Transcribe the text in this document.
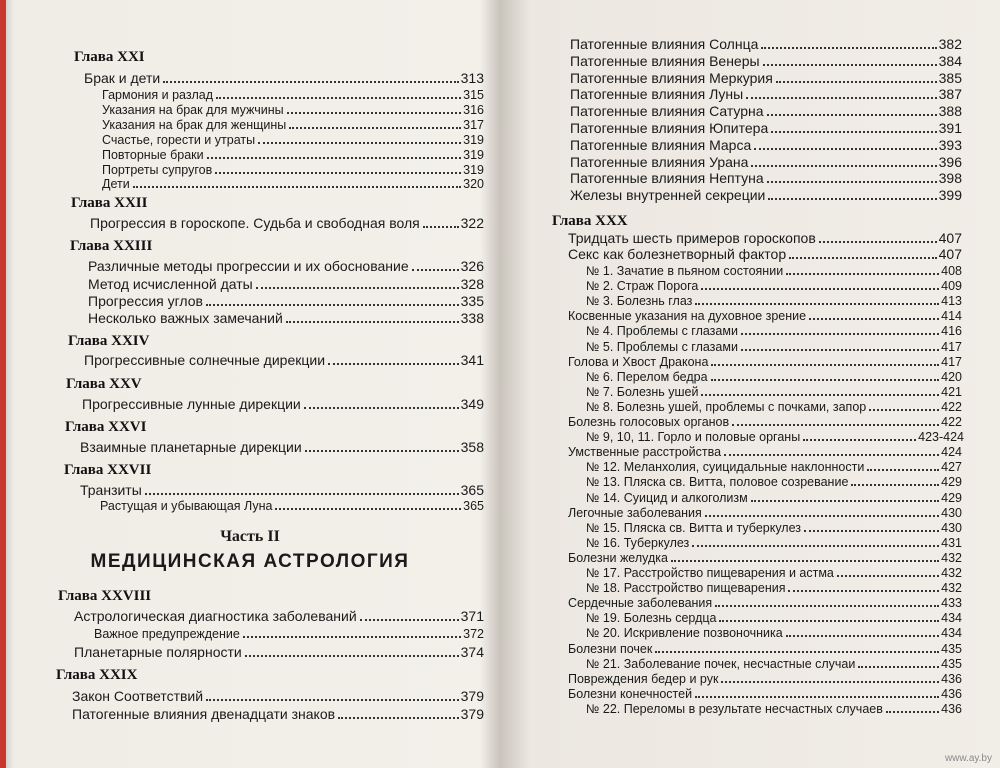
Глава XXI
Брак и дети	313
Гармония и разлад	315
Указания на брак для мужчины	316
Указания на брак для женщины	317
Счастье, горести и утраты	319
Повторные браки	319
Портреты супругов	319
Дети	320
Глава XXII
Прогрессия в гороскопе. Судьба и свободная воля	322
Глава XXIII
Различные методы прогрессии и их обоснование	326
Метод исчисленной даты	328
Прогрессия углов	335
Несколько важных замечаний	338
Глава XXIV
Прогрессивные солнечные дирекции	341
Глава XXV
Прогрессивные лунные дирекции	349
Глава XXVI
Взаимные планетарные дирекции	358
Глава XXVII
Транзиты	365
Растущая и убывающая Луна	365
Часть II
МЕДИЦИНСКАЯ АСТРОЛОГИЯ
Глава XXVIII
Астрологическая диагностика заболеваний	371
Важное предупреждение	372
Планетарные полярности	374
Глава XXIX
Закон Соответствий	379
Патогенные влияния двенадцати знаков	379
Патогенные влияния Солнца	382
Патогенные влияния Венеры	384
Патогенные влияния Меркурия	385
Патогенные влияния Луны	387
Патогенные влияния Сатурна	388
Патогенные влияния Юпитера	391
Патогенные влияния Марса	393
Патогенные влияния Урана	396
Патогенные влияния Нептуна	398
Железы внутренней секреции	399
Глава XXX
Тридцать шесть примеров гороскопов	407
Секс как болезнетворный фактор	407
№ 1. Зачатие в пьяном состоянии	408
№ 2. Страж Порога	409
№ 3. Болезнь глаз	413
Косвенные указания на духовное зрение	414
№ 4. Проблемы с глазами	416
№ 5. Проблемы с глазами	417
Голова и Хвост Дракона	417
№ 6. Перелом бедра	420
№ 7. Болезнь ушей	421
№ 8. Болезнь ушей, проблемы с почками, запор	422
Болезнь голосовых органов	422
№ 9, 10, 11. Горло и половые органы	423-424
Умственные расстройства	424
№ 12. Меланхолия, суицидальные наклонности	427
№ 13. Пляска св. Витта, половое созревание	429
№ 14. Суицид и алкоголизм	429
Легочные заболевания	430
№ 15. Пляска св. Витта и туберкулез	430
№ 16. Туберкулез	431
Болезни желудка	432
№ 17. Расстройство пищеварения и астма	432
№ 18. Расстройство пищеварения	432
Сердечные заболевания	433
№ 19. Болезнь сердца	434
№ 20. Искривление позвоночника	434
Болезни почек	435
№ 21. Заболевание почек, несчастные случаи	435
Повреждения бедер и рук	436
Болезни конечностей	436
№ 22. Переломы в результате несчастных случаев	436
www.ay.by
